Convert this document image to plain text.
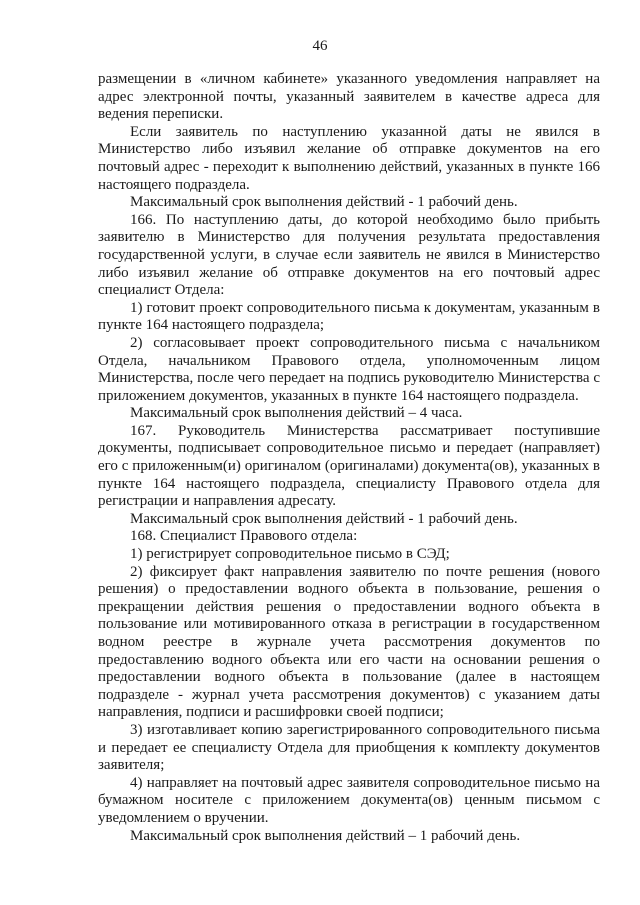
46

размещении в «личном кабинете» указанного уведомления направляет на адрес электронной почты, указанный заявителем в качестве адреса для ведения переписки.

Если заявитель по наступлению указанной даты не явился в Министерство либо изъявил желание об отправке документов на его почтовый адрес - переходит к выполнению действий, указанных в пункте 166 настоящего подраздела.

Максимальный срок выполнения действий - 1 рабочий день.

166. По наступлению даты, до которой необходимо было прибыть заявителю в Министерство для получения результата предоставления государственной услуги, в случае если заявитель не явился в Министерство либо изъявил желание об отправке документов на его почтовый адрес специалист Отдела:

1) готовит проект сопроводительного письма к документам, указанным в пункте 164 настоящего подраздела;

2) согласовывает проект сопроводительного письма с начальником Отдела, начальником Правового отдела, уполномоченным лицом Министерства, после чего передает на подпись руководителю Министерства с приложением документов, указанных в пункте 164 настоящего подраздела.

Максимальный срок выполнения действий – 4 часа.

167. Руководитель Министерства рассматривает поступившие документы, подписывает сопроводительное письмо и передает (направляет) его с приложенным(и) оригиналом (оригиналами) документа(ов), указанных в пункте 164 настоящего подраздела, специалисту Правового отдела для регистрации и направления адресату.

Максимальный срок выполнения действий - 1 рабочий день.

168. Специалист Правового отдела:

1) регистрирует сопроводительное письмо в СЭД;

2) фиксирует факт направления заявителю по почте решения (нового решения) о предоставлении водного объекта в пользование, решения о прекращении действия решения о предоставлении водного объекта в пользование или мотивированного отказа в регистрации в государственном водном реестре в журнале учета рассмотрения документов по предоставлению водного объекта или его части на основании решения о предоставлении водного объекта в пользование (далее в настоящем подразделе - журнал учета рассмотрения документов) с указанием даты направления, подписи и расшифровки своей подписи;

3) изготавливает копию зарегистрированного сопроводительного письма и передает ее специалисту Отдела для приобщения к комплекту документов заявителя;

4) направляет на почтовый адрес заявителя сопроводительное письмо на бумажном носителе с приложением документа(ов) ценным письмом с уведомлением о вручении.

Максимальный срок выполнения действий – 1 рабочий день.
